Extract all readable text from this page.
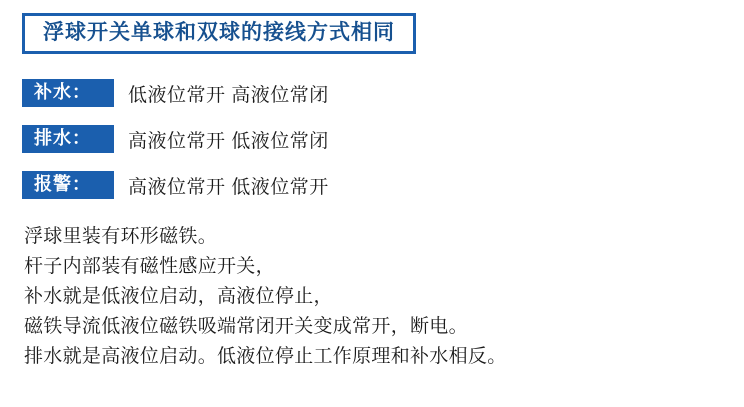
浮球开关单球和双球的接线方式相同
补水：	低液位常开 高液位常闭
排水：	高液位常开 低液位常闭
报警：	高液位常开 低液位常开
浮球里装有环形磁铁。
杆子内部装有磁性感应开关，
补水就是低液位启动，高液位停止，
磁铁导流低液位磁铁吸端常闭开关变成常开，断电。
排水就是高液位启动。低液位停止工作原理和补水相反。
